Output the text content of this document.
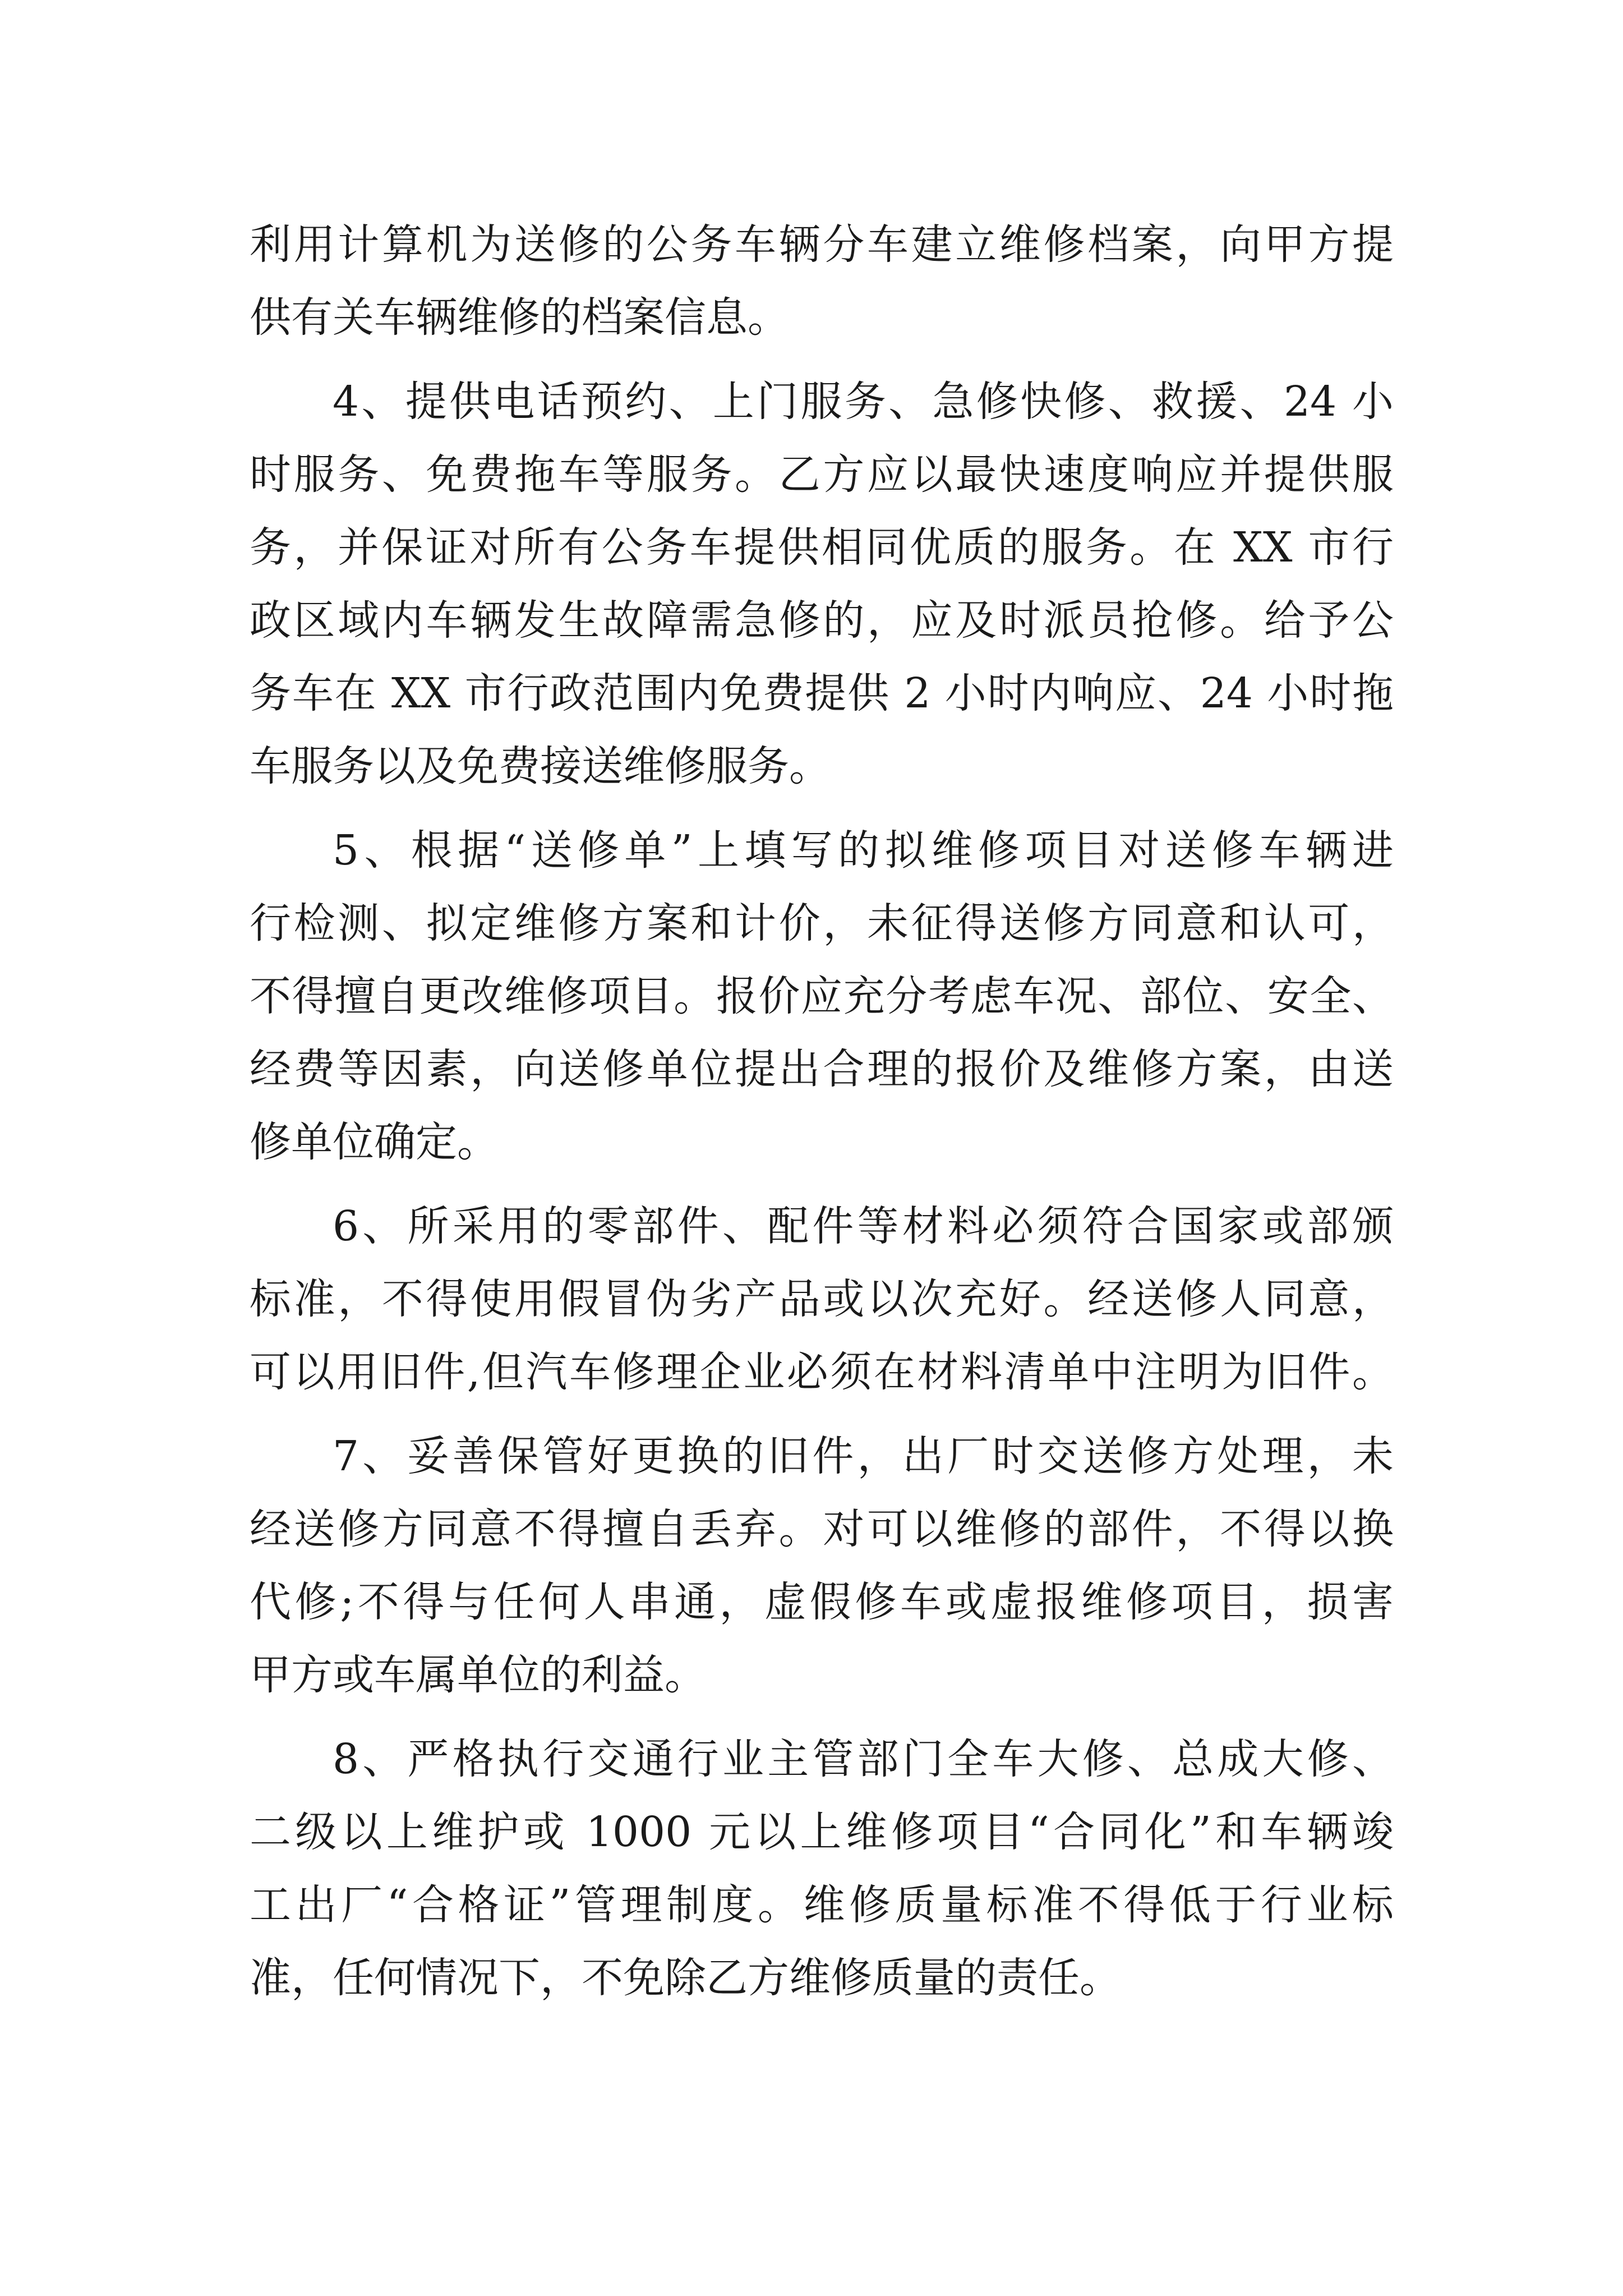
利用计算机为送修的公务车辆分车建立维修档案，向甲方提
供有关车辆维修的档案信息。
4、提供电话预约、上门服务、急修快修、救援、24 小
时服务、免费拖车等服务。乙方应以最快速度响应并提供服
务，并保证对所有公务车提供相同优质的服务。在 XX 市行
政区域内车辆发生故障需急修的，应及时派员抢修。给予公
务车在 XX 市行政范围内免费提供 2 小时内响应、24 小时拖
车服务以及免费接送维修服务。
5、根据“送修单”上填写的拟维修项目对送修车辆进
行检测、拟定维修方案和计价，未征得送修方同意和认可，
不得擅自更改维修项目。报价应充分考虑车况、部位、安全、
经费等因素，向送修单位提出合理的报价及维修方案，由送
修单位确定。
6、所采用的零部件、配件等材料必须符合国家或部颁
标准，不得使用假冒伪劣产品或以次充好。经送修人同意，
可以用旧件,但汽车修理企业必须在材料清单中注明为旧件。
7、妥善保管好更换的旧件，出厂时交送修方处理，未
经送修方同意不得擅自丢弃。对可以维修的部件，不得以换
代修;不得与任何人串通，虚假修车或虚报维修项目，损害
甲方或车属单位的利益。
8、严格执行交通行业主管部门全车大修、总成大修、
二级以上维护或 1000 元以上维修项目“合同化”和车辆竣
工出厂“合格证”管理制度。维修质量标准不得低于行业标
准，任何情况下，不免除乙方维修质量的责任。
